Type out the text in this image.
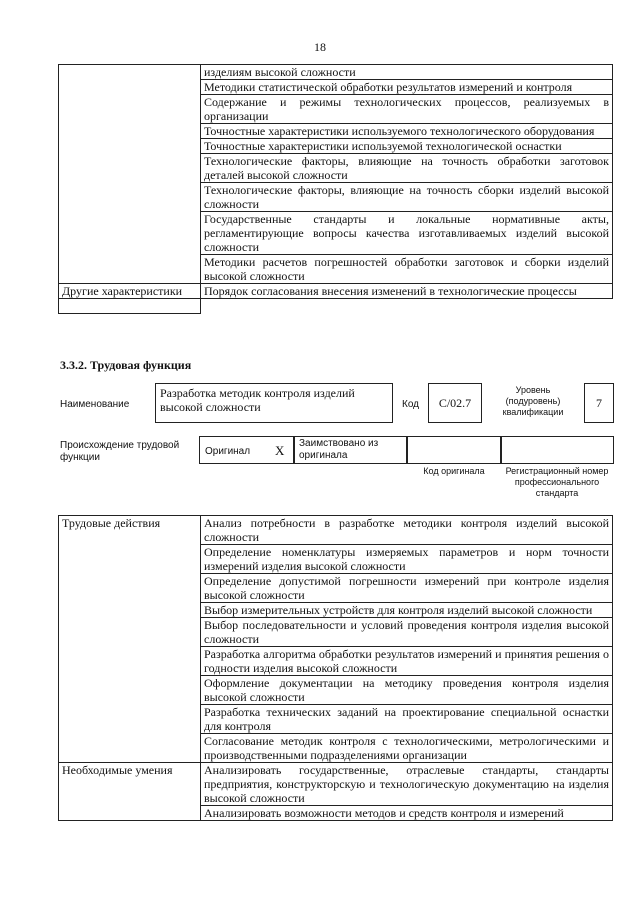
18
	изделиям высокой сложности
	Методики статистической обработки результатов измерений и контроля
	Содержание и режимы технологических процессов, реализуемых в организации
	Точностные характеристики используемого технологического оборудования
	Точностные характеристики используемой технологической оснастки
	Технологические факторы, влияющие на точность обработки заготовок деталей высокой сложности
	Технологические факторы, влияющие на точность сборки изделий высокой сложности
	Государственные стандарты и локальные нормативные акты, регламентирующие вопросы качества изготавливаемых изделий высокой сложности
	Методики расчетов погрешностей обработки заготовок и сборки изделий высокой сложности
Другие характеристики	Порядок согласования внесения изменений в технологические процессы

3.3.2. Трудовая функция
Наименование
Разработка методик контроля изделий высокой сложности	Код	C/02.7
Уровень (подуровень) квалификации
7
Происхождение трудовой функции
Оригинал X Заимствовано из оригинала
Код оригинала	Регистрационный номер профессионального стандарта
Трудовые действия	Анализ потребности в разработке методики контроля изделий высокой сложности
	Определение номенклатуры измеряемых параметров и норм точности измерений изделия высокой сложности
	Определение допустимой погрешности измерений при контроле изделия высокой сложности
	Выбор измерительных устройств для контроля изделий высокой сложности
	Выбор последовательности и условий проведения контроля изделия высокой сложности
	Разработка алгоритма обработки результатов измерений и принятия решения о годности изделия высокой сложности
	Оформление документации на методику проведения контроля изделия высокой сложности
	Разработка технических заданий на проектирование специальной оснастки для контроля
	Согласование методик контроля с технологическими, метрологическими и производственными подразделениями организации
Необходимые умения	Анализировать государственные, отраслевые стандарты, стандарты предприятия, конструкторскую и технологическую документацию на изделия высокой сложности
	Анализировать возможности методов и средств контроля и измерений
